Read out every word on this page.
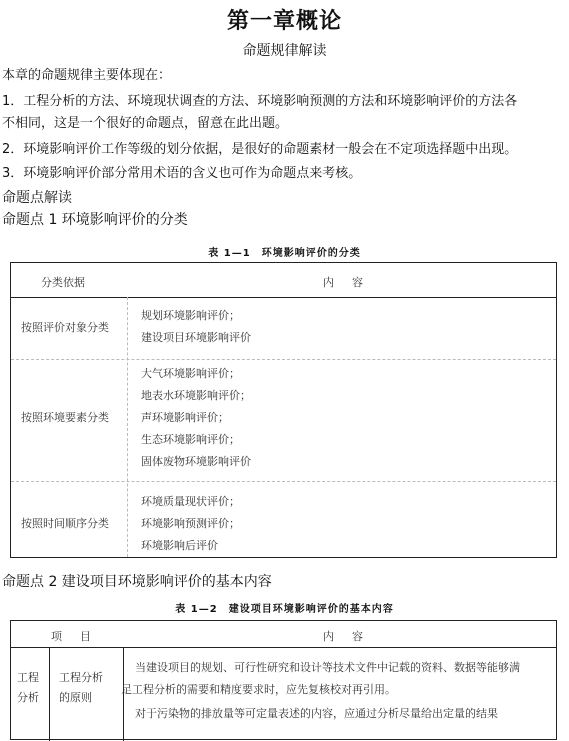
第一章概论
命题规律解读
本章的命题规律主要体现在：
1．工程分析的方法、环境现状调查的方法、环境影响预测的方法和环境影响评价的方法各
不相同，这是一个很好的命题点，留意在此出题。
2．环境影响评价工作等级的划分依据，是很好的命题素材一般会在不定项选择题中出现。
3．环境影响评价部分常用术语的含义也可作为命题点来考核。
命题点解读
命题点 1 环境影响评价的分类
表 1—1　环境影响评价的分类
分类依据	内容
按照评价对象分类
规划环境影响评价；
建设项目环境影响评价
按照环境要素分类
大气环境影响评价；
地表水环境影响评价；
声环境影响评价；
生态环境影响评价；
固体废物环境影响评价
按照时间顺序分类
环境质量现状评价；
环境影响预测评价；
环境影响后评价
命题点 2 建设项目环境影响评价的基本内容
表 1—2　建设项目环境影响评价的基本内容
项目	内容
工程
分析
工程分析
的原则
当建设项目的规划、可行性研究和设计等技术文件中记载的资料、数据等能够满
足工程分析的需要和精度要求时，应先复核校对再引用。
对于污染物的排放量等可定量表述的内容，应通过分析尽量给出定量的结果
